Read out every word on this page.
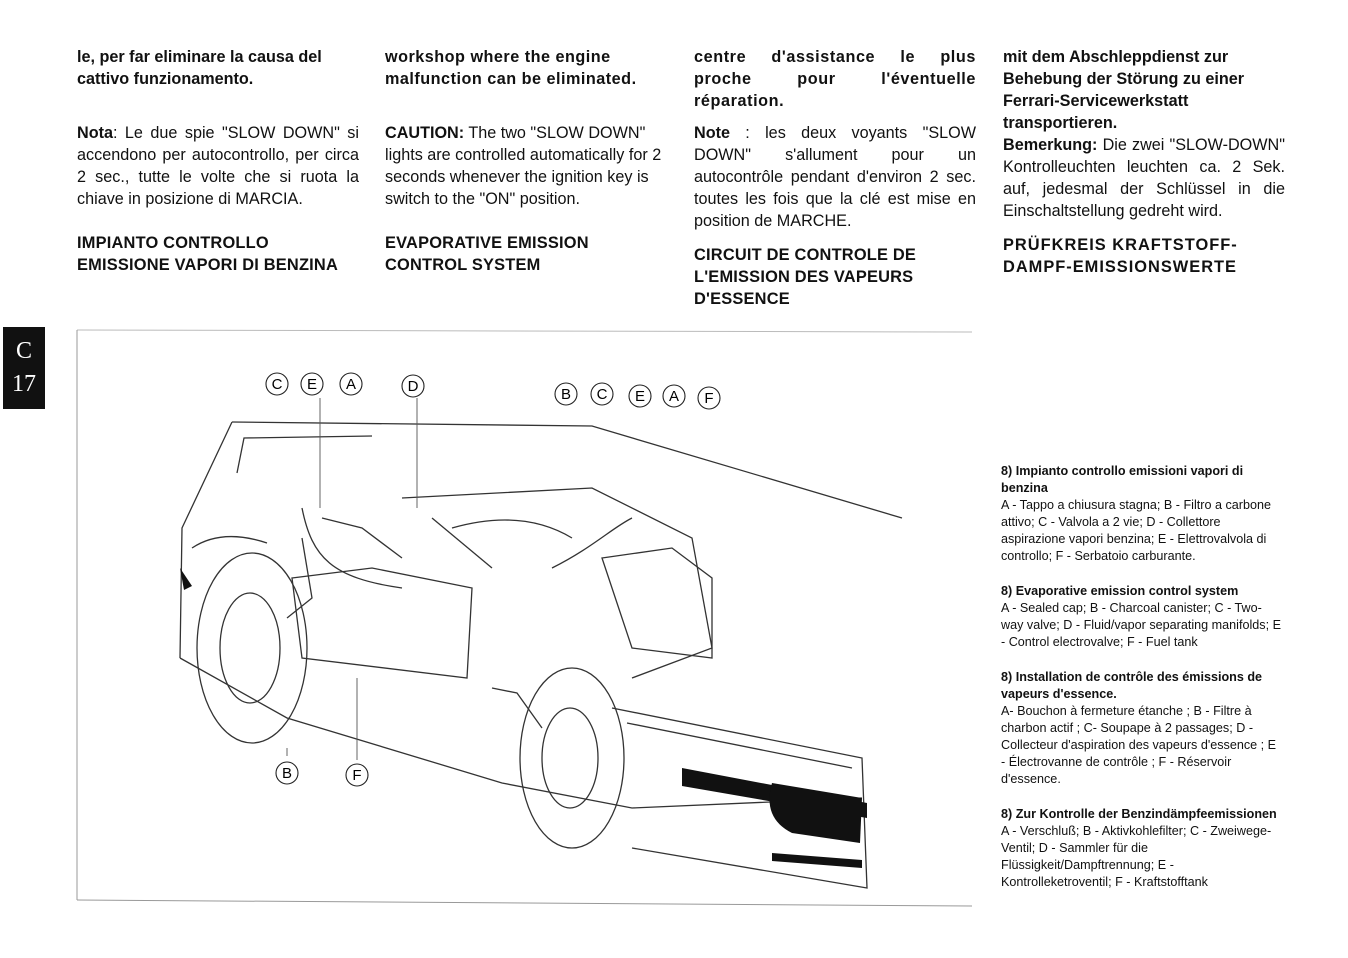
C
17

le, per far eliminare la causa del cattivo funzionamento.

Nota: Le due spie "SLOW DOWN" si accendono per autocontrollo, per circa 2 sec., tutte le volte che si ruota la chiave in posizione di MARCIA.

IMPIANTO CONTROLLO EMISSIONE VAPORI DI BENZINA

workshop where the engine malfunction can be eliminated.

CAUTION: The two "SLOW DOWN" lights are controlled automatically for 2 seconds whenever the ignition key is switch to the "ON" position.

EVAPORATIVE EMISSION CONTROL SYSTEM

centre d'assistance le plus proche pour l'éventuelle réparation.

Note : les deux voyants "SLOW DOWN" s'allument pour un autocontrôle pendant d'environ 2 sec. toutes les fois que la clé est mise en position de MARCHE.

CIRCUIT DE CONTROLE DE L'EMISSION DES VAPEURS D'ESSENCE

mit dem Abschleppdienst zur Behebung der Störung zu einer Ferrari-Servicewerkstatt transportieren.

Bemerkung: Die zwei "SLOW-DOWN" Kontrolleuchten leuchten ca. 2 Sek. auf, jedesmal der Schlüssel in die Einschaltstellung gedreht wird.

PRÜFKREIS KRAFTSTOFF-DAMPF-EMISSIONSWERTE

C E A	D	B C E A F
B	F
8) Impianto controllo emissioni vapori di benzina
A - Tappo a chiusura stagna; B - Filtro a carbone attivo; C - Valvola a 2 vie; D - Collettore aspirazione vapori benzina; E - Elettrovalvola di controllo; F - Serbatoio carburante.
8) Evaporative emission control system
A - Sealed cap; B - Charcoal canister; C - Two-way valve; D - Fluid/vapor separating manifolds; E - Control electrovalve; F - Fuel tank
8) Installation de contrôle des émissions de vapeurs d'essence.
A- Bouchon à fermeture étanche ; B - Filtre à charbon actif ; C- Soupape à 2 passages; D - Collecteur d'aspiration des vapeurs d'essence ; E - Électrovanne de contrôle ; F - Réservoir d'essence.
8) Zur Kontrolle der Benzindämpfeemissionen
A - Verschluß; B - Aktivkohlefilter; C - Zweiwege-Ventil; D - Sammler für die Flüssigkeit/Dampftrennung; E - Kontrolleketroventil; F - Kraftstofftank
